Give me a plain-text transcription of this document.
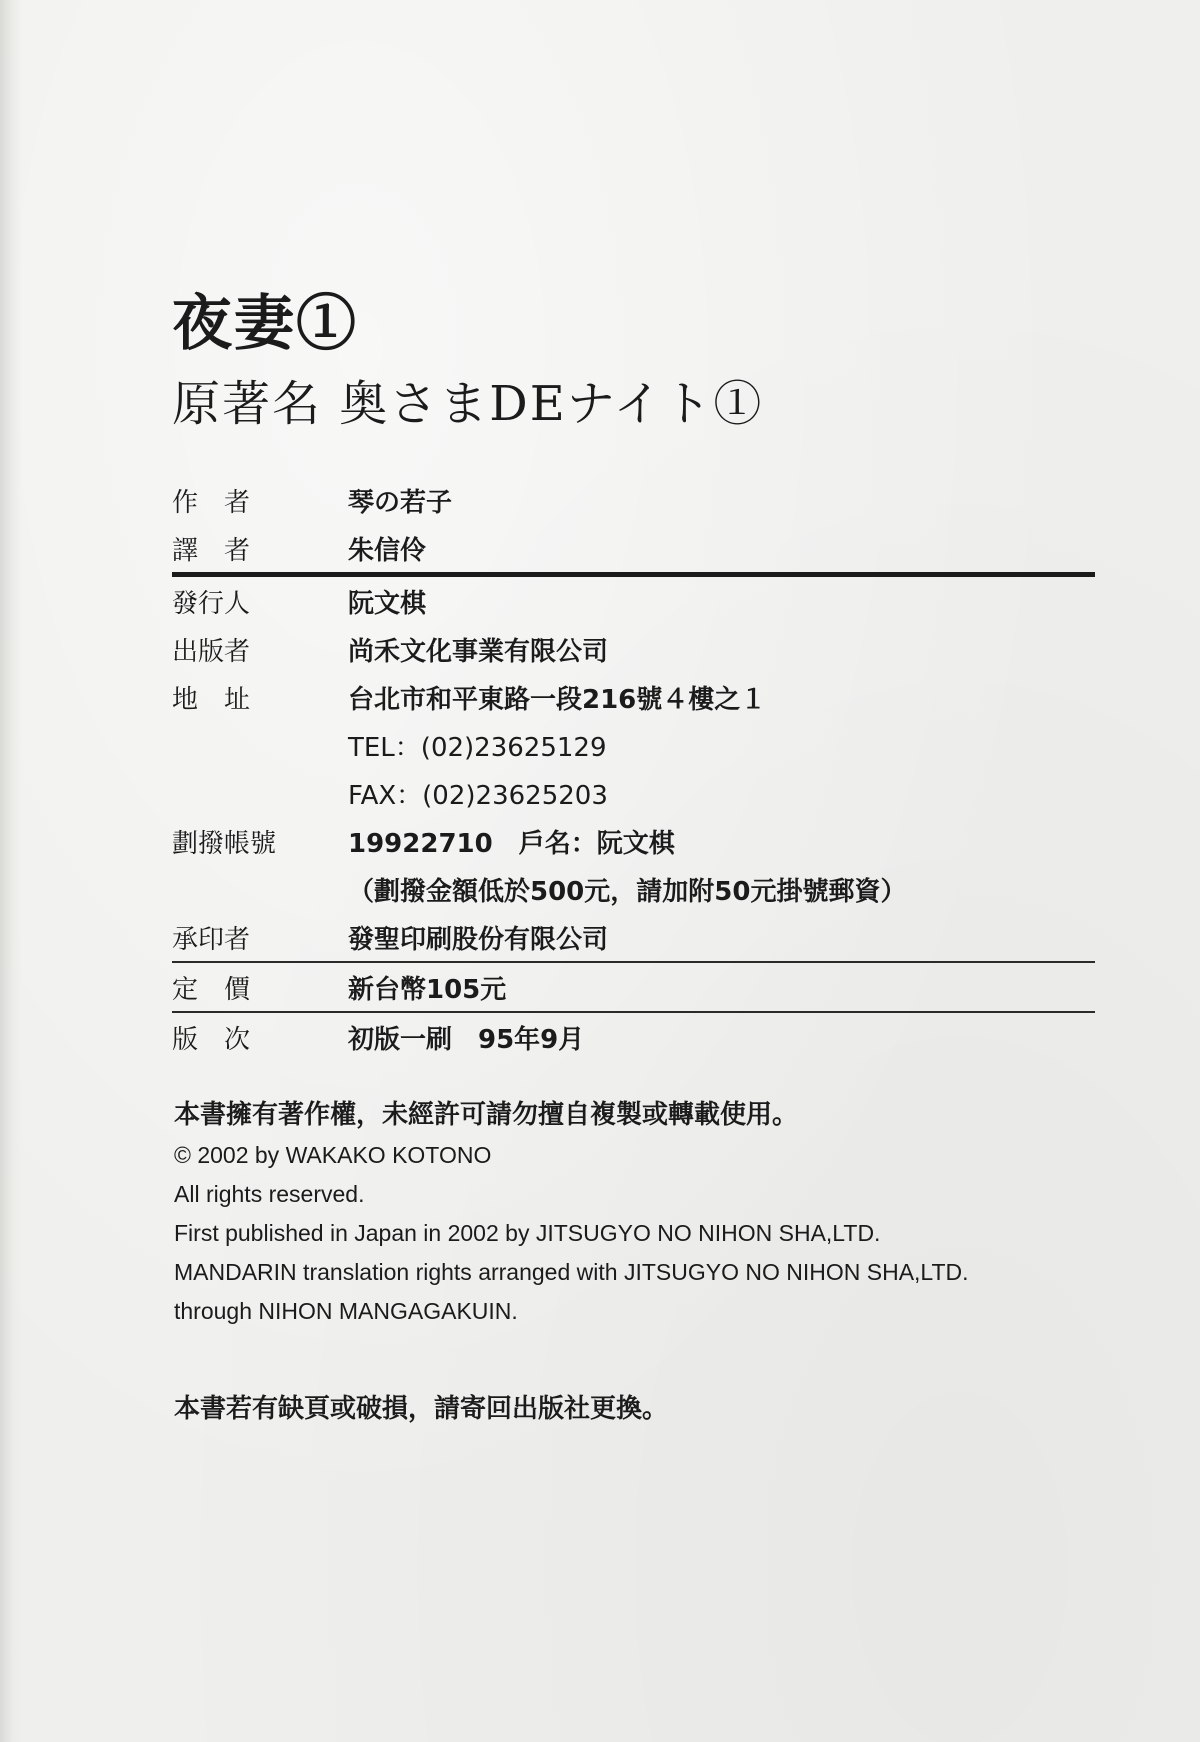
夜妻①
原著名 奥さまDEナイト①
作　者	琴の若子
譯　者	朱信伶
發行人	阮文棋
出版者	尚禾文化事業有限公司
地　址	台北市和平東路一段216號４樓之１
TEL：(02)23625129
FAX：(02)23625203
劃撥帳號	19922710　戶名：阮文棋
（劃撥金額低於500元，請加附50元掛號郵資）
承印者	發聖印刷股份有限公司
定　價	新台幣105元
版　次	初版一刷　95年9月
本書擁有著作權，未經許可請勿擅自複製或轉載使用。
© 2002 by WAKAKO KOTONO
All rights reserved.
First published in Japan in 2002 by JITSUGYO NO NIHON SHA,LTD.
MANDARIN translation rights arranged with JITSUGYO NO NIHON SHA,LTD.
through NIHON MANGAGAKUIN.
本書若有缺頁或破損，請寄回出版社更換。
